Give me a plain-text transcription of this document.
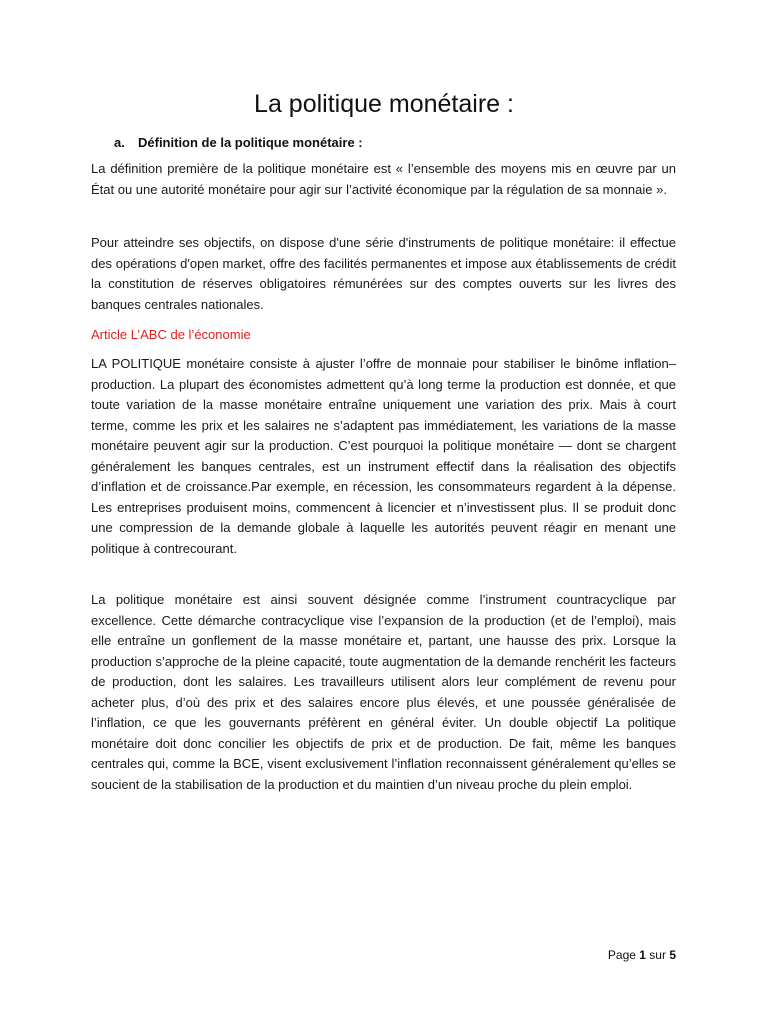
La politique monétaire :
a. Définition de la politique monétaire :

La définition première de la politique monétaire est « l’ensemble des moyens mis en œuvre par un État ou une autorité monétaire pour agir sur l’activité économique par la régulation de sa monnaie ».

Pour atteindre ses objectifs, on dispose d'une série d'instruments de politique monétaire: il effectue des opérations d'open market, offre des facilités permanentes et impose aux établissements de crédit la constitution de réserves obligatoires rémunérées sur des comptes ouverts sur les livres des banques centrales nationales.

Article L’ABC de l’économie

LA POLITIQUE monétaire consiste à ajuster l’offre de monnaie pour stabiliser le binôme inflation–production. La plupart des économistes admettent qu’à long terme la production est donnée, et que toute variation de la masse monétaire entraîne uniquement une variation des prix. Mais à court terme, comme les prix et les salaires ne s’adaptent pas immédiatement, les variations de la masse monétaire peuvent agir sur la production. C’est pourquoi la politique monétaire — dont se chargent généralement les banques centrales, est un instrument effectif dans la réalisation des objectifs d’inflation et de croissance.Par exemple, en récession, les consommateurs regardent à la dépense. Les entreprises produisent moins, commencent à licencier et n’investissent plus. Il se produit donc une compression de la demande globale à laquelle les autorités peuvent réagir en menant une politique à contrecourant.

La politique monétaire est ainsi souvent désignée comme l’instrument countracyclique par excellence. Cette démarche contracyclique vise l’expansion de la production (et de l’emploi), mais elle entraîne un gonflement de la masse monétaire et, partant, une hausse des prix. Lorsque la production s’approche de la pleine capacité, toute augmentation de la demande renchérit les facteurs de production, dont les salaires. Les travailleurs utilisent alors leur complément de revenu pour acheter plus, d’où des prix et des salaires encore plus élevés, et une poussée généralisée de l’inflation, ce que les gouvernants préfèrent en général éviter. Un double objectif La politique monétaire doit donc concilier les objectifs de prix et de production. De fait, même les banques centrales qui, comme la BCE, visent exclusivement l’inflation reconnaissent généralement qu’elles se soucient de la stabilisation de la production et du maintien d’un niveau proche du plein emploi.

Page 1 sur 5
